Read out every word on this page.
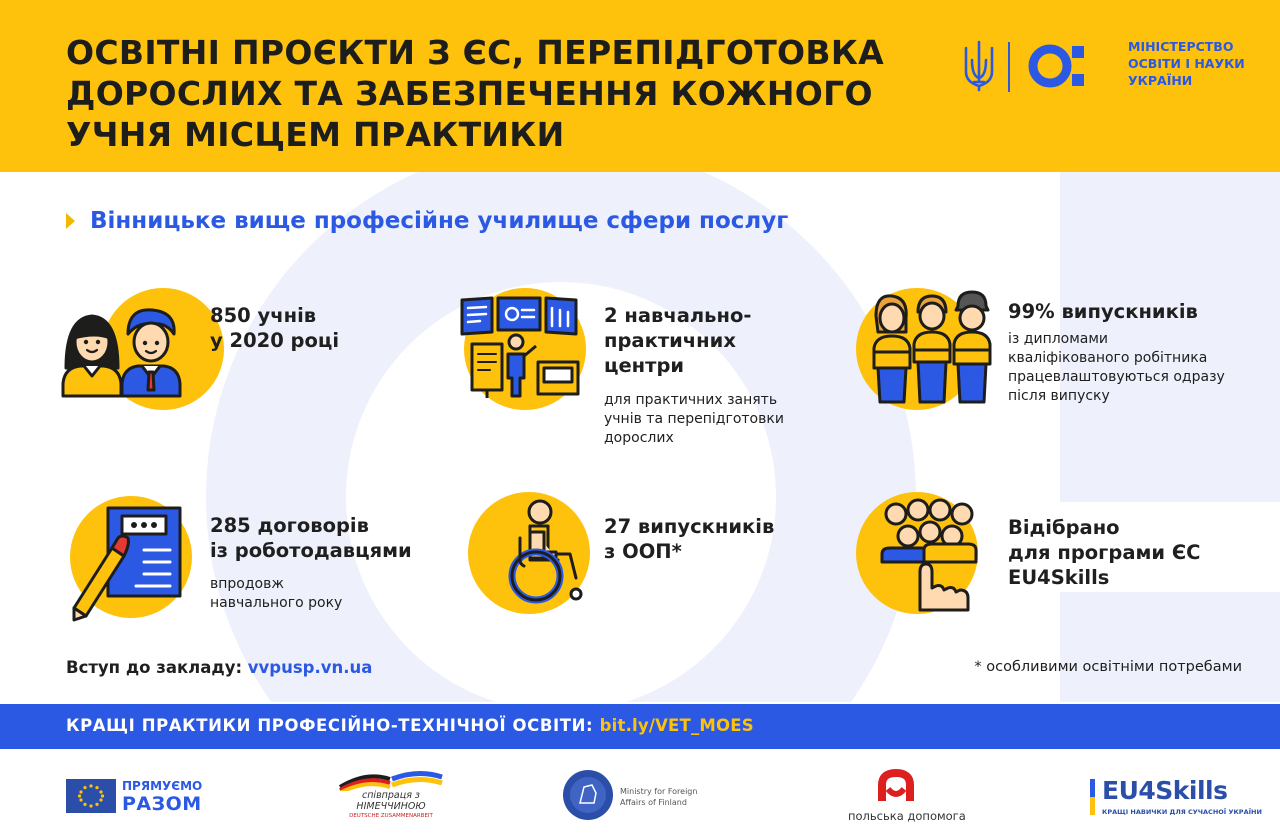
ОСВІТНІ ПРОЄКТИ З ЄС, ПЕРЕПІДГОТОВКА ДОРОСЛИХ ТА ЗАБЕЗПЕЧЕННЯ КОЖНОГО УЧНЯ МІСЦЕМ ПРАКТИКИ
МІНІСТЕРСТВО
ОСВІТИ І НАУКИ
УКРАЇНИ
Вінницьке вище професійне училище сфери послуг
850 учнів
у 2020 році
2 навчально-
практичних
центри
для практичних занять
учнів та перепідготовки
дорослих
99% випускників
із дипломами
кваліфікованого робітника
працевлаштовуються одразу
після випуску
285 договорів
із роботодавцями
впродовж
навчального року
27 випускників
з ООП*
Відібрано
для програми ЄС
EU4Skills
Вступ до закладу: vvpusp.vn.ua	* особливими освітніми потребами
КРАЩІ ПРАКТИКИ ПРОФЕСІЙНО-ТЕХНІЧНОЇ ОСВІТИ: bit.ly/VET_MOES
ПРЯМУЄМО
РАЗОМ	співпраця з
НІМЕЧЧИНОЮ
DEUTSCHE ZUSAMMENARBEIT
Ministry for Foreign
Affairs of Finland
польська допомога
EU4Skills
КРАЩІ НАВИЧКИ ДЛЯ СУЧАСНОЇ УКРАЇНИ
